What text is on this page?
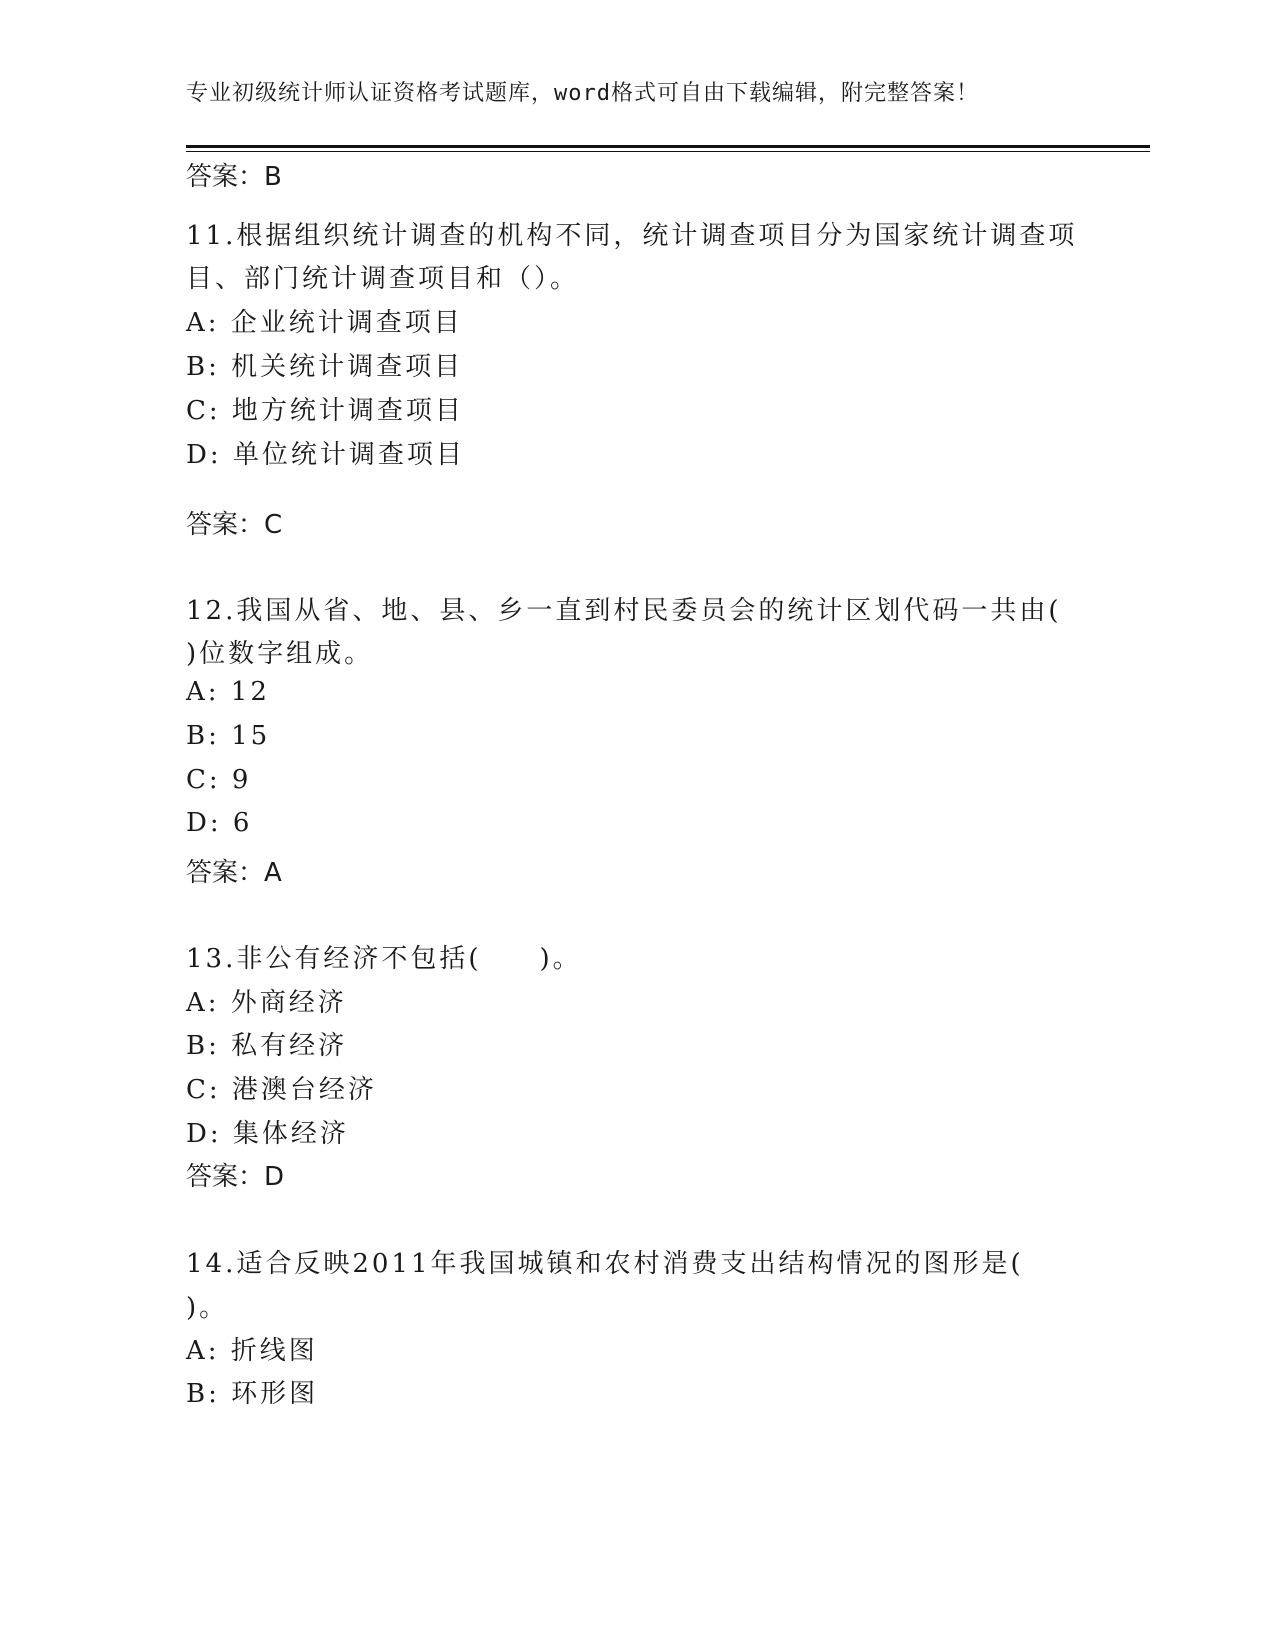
专业初级统计师认证资格考试题库，word格式可自由下载编辑，附完整答案！
答案：B
11.根据组织统计调查的机构不同，统计调查项目分为国家统计调查项
目、部门统计调查项目和（）。
A: 企业统计调查项目
B: 机关统计调查项目
C: 地方统计调查项目
D: 单位统计调查项目
答案：C
12.我国从省、地、县、乡一直到村民委员会的统计区划代码一共由(
)位数字组成。
A: 12
B: 15
C: 9
D: 6
答案：A
13.非公有经济不包括(　　)。
A: 外商经济
B: 私有经济
C: 港澳台经济
D: 集体经济
答案：D
14.适合反映2011年我国城镇和农村消费支出结构情况的图形是(
)。
A: 折线图
B: 环形图
